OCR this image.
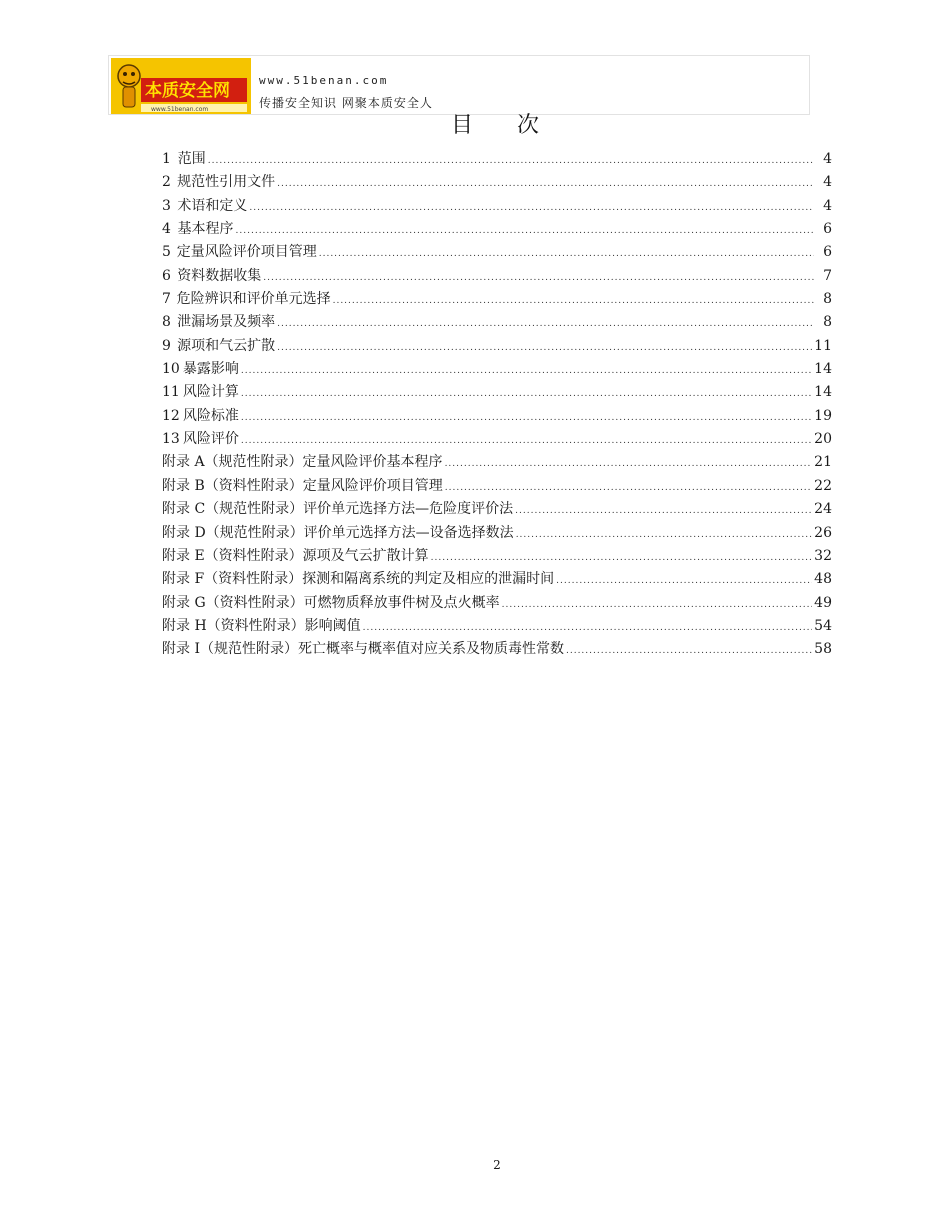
本质安全网
www.51benan.com
www.51benan.com
传播安全知识 网聚本质安全人
目　　次
1 范围 .....	4
2 规范性引用文件 .....	4
3 术语和定义 .....	4
4 基本程序 .....	6
5 定量风险评价项目管理 .....	6
6 资料数据收集 .....	7
7 危险辨识和评价单元选择 .....	8
8 泄漏场景及频率 .....	8
9 源项和气云扩散 .....	11
10 暴露影响 .....	14
11 风险计算 .....	14
12 风险标准 .....	19
13 风险评价 .....	20
附录 A（规范性附录）定量风险评价基本程序 .....	21
附录 B（资料性附录）定量风险评价项目管理 .....	22
附录 C（规范性附录）评价单元选择方法—危险度评价法 .....	24
附录 D（规范性附录）评价单元选择方法—设备选择数法 .....	26
附录 E（资料性附录）源项及气云扩散计算 .....	32
附录 F（资料性附录）探测和隔离系统的判定及相应的泄漏时间 .....	48
附录 G（资料性附录）可燃物质释放事件树及点火概率 .....	49
附录 H（资料性附录）影响阈值 .....	54
附录 I（规范性附录）死亡概率与概率值对应关系及物质毒性常数 .....	58
2
